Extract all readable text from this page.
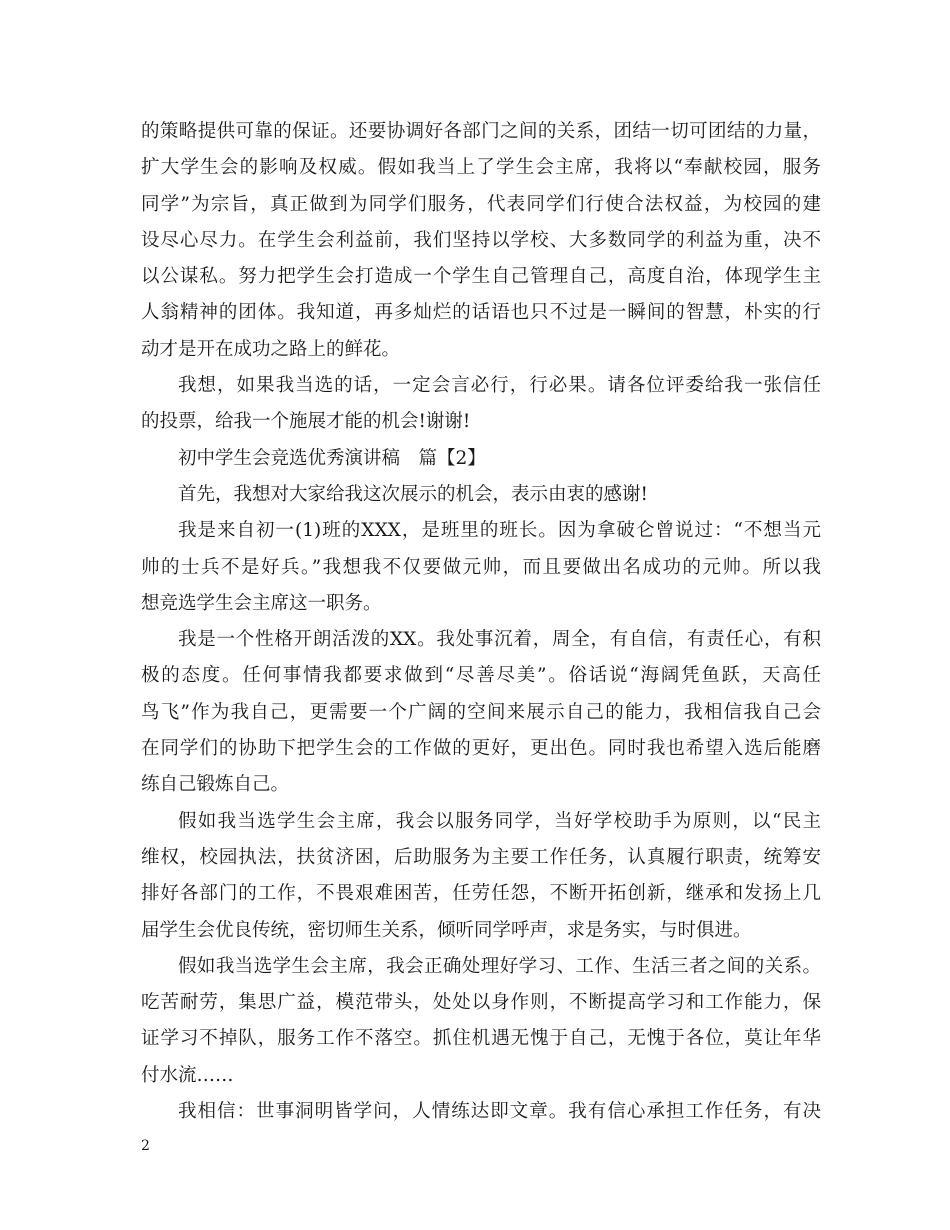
的策略提供可靠的保证。还要协调好各部门之间的关系，团结一切可团结的力量，
扩大学生会的影响及权威。假如我当上了学生会主席，我将以“奉献校园，服务
同学”为宗旨，真正做到为同学们服务，代表同学们行使合法权益，为校园的建
设尽心尽力。在学生会利益前，我们坚持以学校、大多数同学的利益为重，决不
以公谋私。努力把学生会打造成一个学生自己管理自己，高度自治，体现学生主
人翁精神的团体。我知道，再多灿烂的话语也只不过是一瞬间的智慧，朴实的行
动才是开在成功之路上的鲜花。
我想，如果我当选的话，一定会言必行，行必果。请各位评委给我一张信任
的投票，给我一个施展才能的机会!谢谢!
初中学生会竞选优秀演讲稿　篇【2】
首先，我想对大家给我这次展示的机会，表示由衷的感谢!
我是来自初一(1)班的XXX，是班里的班长。因为拿破仑曾说过：“不想当元
帅的士兵不是好兵。”我想我不仅要做元帅，而且要做出名成功的元帅。所以我
想竞选学生会主席这一职务。
我是一个性格开朗活泼的XX。我处事沉着，周全，有自信，有责任心，有积
极的态度。任何事情我都要求做到“尽善尽美”。俗话说“海阔凭鱼跃，天高任
鸟飞”作为我自己，更需要一个广阔的空间来展示自己的能力，我相信我自己会
在同学们的协助下把学生会的工作做的更好，更出色。同时我也希望入选后能磨
练自己锻炼自己。
假如我当选学生会主席，我会以服务同学，当好学校助手为原则，以“民主
维权，校园执法，扶贫济困，后助服务为主要工作任务，认真履行职责，统筹安
排好各部门的工作，不畏艰难困苦，任劳任怨，不断开拓创新，继承和发扬上几
届学生会优良传统，密切师生关系，倾听同学呼声，求是务实，与时俱进。
假如我当选学生会主席，我会正确处理好学习、工作、生活三者之间的关系。
吃苦耐劳，集思广益，模范带头，处处以身作则，不断提高学习和工作能力，保
证学习不掉队，服务工作不落空。抓住机遇无愧于自己，无愧于各位，莫让年华
付水流……
我相信：世事洞明皆学问，人情练达即文章。我有信心承担工作任务，有决
2
